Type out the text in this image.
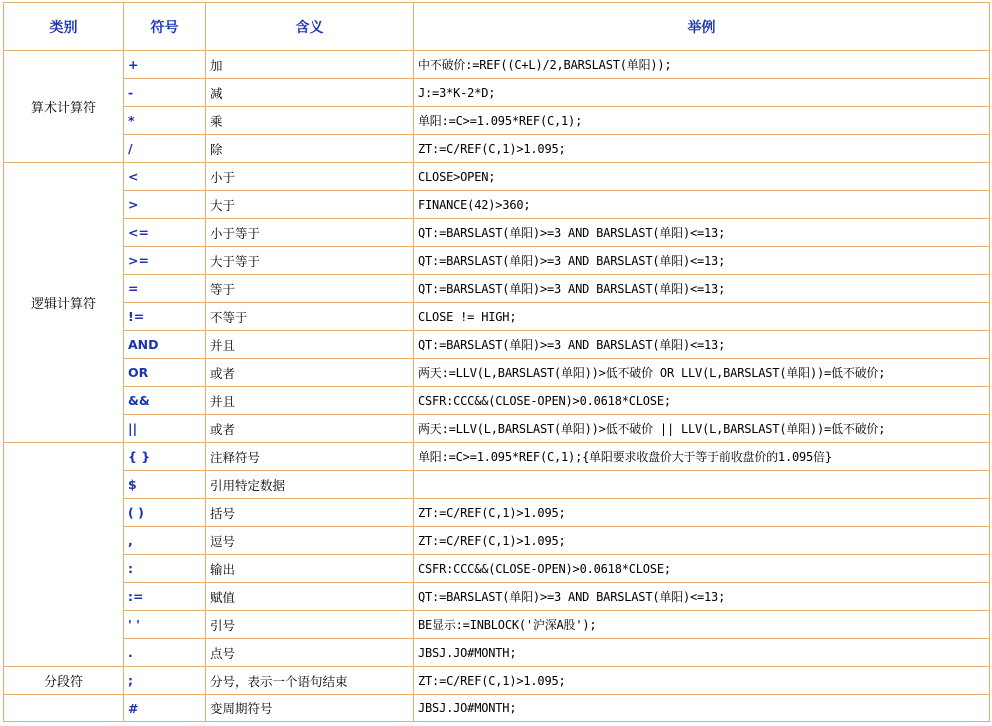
类别	符号	含义	举例
算术计算符	+	加	中不破价:=REF((C+L)/2,BARSLAST(单阳));
	-	减	J:=3*K-2*D;
	*	乘	单阳:=C>=1.095*REF(C,1);
	/	除	ZT:=C/REF(C,1)>1.095;
逻辑计算符	<	小于	CLOSE>OPEN;
	>	大于	FINANCE(42)>360;
	<=	小于等于	QT:=BARSLAST(单阳)>=3 AND BARSLAST(单阳)<=13;
	>=	大于等于	QT:=BARSLAST(单阳)>=3 AND BARSLAST(单阳)<=13;
	=	等于	QT:=BARSLAST(单阳)>=3 AND BARSLAST(单阳)<=13;
	!=	不等于	CLOSE != HIGH;
	AND	并且	QT:=BARSLAST(单阳)>=3 AND BARSLAST(单阳)<=13;
	OR	或者	两天:=LLV(L,BARSLAST(单阳))>低不破价 OR LLV(L,BARSLAST(单阳))=低不破价;
	&&	并且	CSFR:CCC&&(CLOSE-OPEN)>0.0618*CLOSE;
	||	或者	两天:=LLV(L,BARSLAST(单阳))>低不破价 || LLV(L,BARSLAST(单阳))=低不破价;
	{ }	注释符号	单阳:=C>=1.095*REF(C,1);{单阳要求收盘价大于等于前收盘价的1.095倍}
	$	引用特定数据	
	( )	括号	ZT:=C/REF(C,1)>1.095;
	,	逗号	ZT:=C/REF(C,1)>1.095;
	:	输出	CSFR:CCC&&(CLOSE-OPEN)>0.0618*CLOSE;
	:=	赋值	QT:=BARSLAST(单阳)>=3 AND BARSLAST(单阳)<=13;
	' '	引号	BE显示:=INBLOCK('沪深A股');
	.	点号	JBSJ.JO#MONTH;
分段符	;	分号，表示一个语句结束	ZT:=C/REF(C,1)>1.095;
	#	变周期符号	JBSJ.JO#MONTH;
